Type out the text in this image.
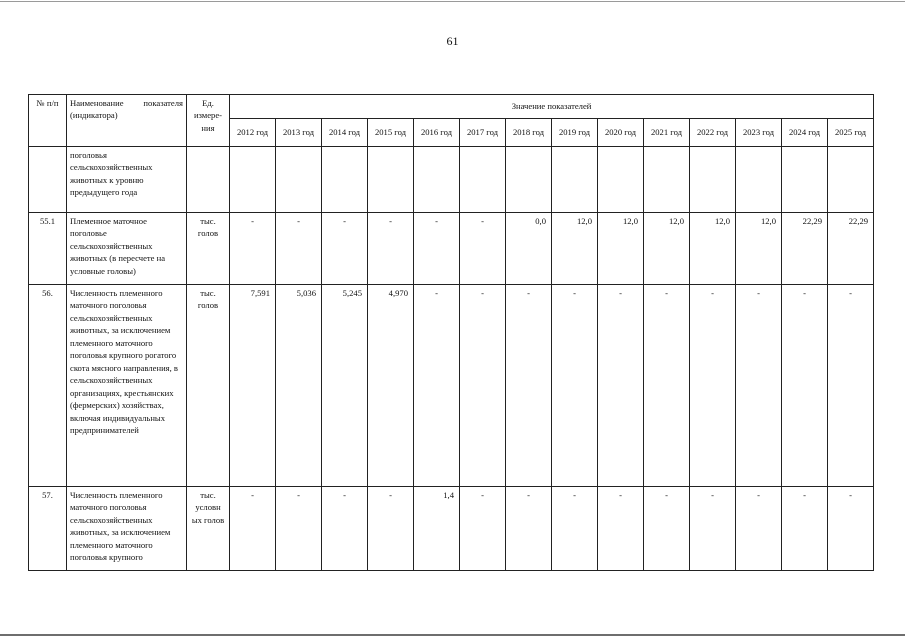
61
№ п/п	Наименование показателя (индикатора)	Ед. измере-ния	Значение показателей													
			2012 год	2013 год	2014 год	2015 год	2016 год	2017 год	2018 год	2019 год	2020 год	2021 год	2022 год	2023 год	2024 год	2025 год
	поголовья сельскохозяйственных животных к уровню предыдущего года															
55.1	Племенное маточное поголовье сельскохозяйственных животных (в пересчете на условные головы)	тыс. голов	-	-	-	-	-	-	0,0	12,0	12,0	12,0	12,0	12,0	22,29	22,29
56.	Численность племенного маточного поголовья сельскохозяйственных животных, за исключением племенного маточного поголовья крупного рогатого скота мясного направления, в сельскохозяйственных организациях, крестьянских (фермерских) хозяйствах, включая индивидуальных предпринимателей	тыс. голов	7,591	5,036	5,245	4,970	-	-	-	-	-	-	-	-	-	-
57.	Численность племенного маточного поголовья сельскохозяйственных животных, за исключением племенного маточного поголовья крупного	тыс. условн ых голов	-	-	-	-	1,4	-	-	-	-	-	-	-	-	-
